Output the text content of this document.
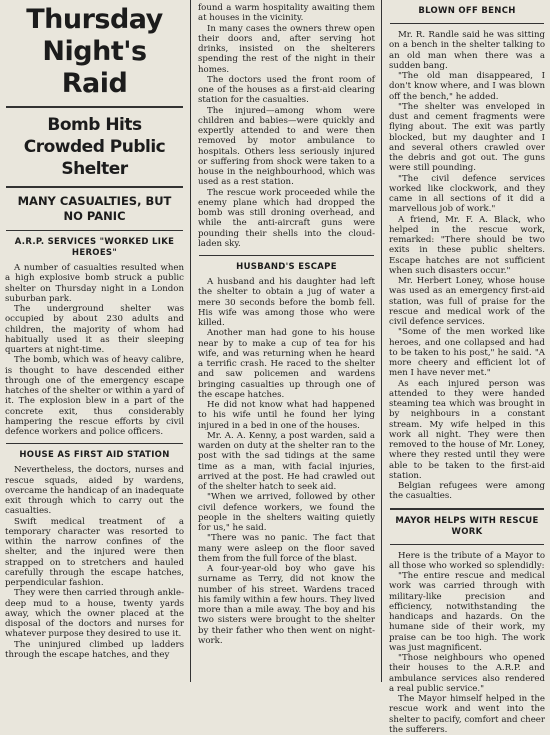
Thursday Night's Raid
Bomb Hits Crowded Public Shelter
MANY CASUALTIES, BUT NO PANIC
A.R.P. SERVICES "WORKED LIKE HEROES"

A number of casualties resulted when a high explosive bomb struck a public shelter on Thursday night in a London suburban park.

The underground shelter was occupied by about 230 adults and children, the majority of whom had habitually used it as their sleeping quarters at night-time.

The bomb, which was of heavy calibre, is thought to have descended either through one of the emergency escape hatches of the shelter or within a yard of it. The explosion blew in a part of the concrete exit, thus considerably hampering the rescue efforts by civil defence workers and police officers.

HOUSE AS FIRST AID STATION

Nevertheless, the doctors, nurses and rescue squads, aided by wardens, overcame the handicap of an inadequate exit through which to carry out the casualties.

Swift medical treatment of a temporary character was resorted to within the narrow confines of the shelter, and the injured were then strapped on to stretchers and hauled carefully through the escape hatches, perpendicular fashion.

They were then carried through ankle-deep mud to a house, twenty yards away, which the owner placed at the disposal of the doctors and nurses for whatever purpose they desired to use it.

The uninjured climbed up ladders through the escape hatches, and they

found a warm hospitality awaiting them at houses in the vicinity.

In many cases the owners threw open their doors and, after serving hot drinks, insisted on the shelterers spending the rest of the night in their homes.

The doctors used the front room of one of the houses as a first-aid clearing station for the casualties.

The injured—among whom were children and babies—were quickly and expertly attended to and were then removed by motor ambulance to hospitals. Others less seriously injured or suffering from shock were taken to a house in the neighbourhood, which was used as a rest station.

The rescue work proceeded while the enemy plane which had dropped the bomb was still droning overhead, and while the anti-aircraft guns were pounding their shells into the cloud-laden sky.

HUSBAND'S ESCAPE

A husband and his daughter had left the shelter to obtain a jug of water a mere 30 seconds before the bomb fell. His wife was among those who were killed.

Another man had gone to his house near by to make a cup of tea for his wife, and was returning when he heard a terrific crash. He raced to the shelter and saw policemen and wardens bringing casualties up through one of the escape hatches.

He did not know what had happened to his wife until he found her lying injured in a bed in one of the houses.

Mr. A. A. Kenny, a post warden, said a warden on duty at the shelter ran to the post with the sad tidings at the same time as a man, with facial injuries, arrived at the post. He had crawled out of the shelter hatch to seek aid.

"When we arrived, followed by other civil defence workers, we found the people in the shelters waiting quietly for us," he said.

"There was no panic. The fact that many were asleep on the floor saved them from the full force of the blast.

A four-year-old boy who gave his surname as Terry, did not know the number of his street. Wardens traced his family within a few hours. They lived more than a mile away. The boy and his two sisters were brought to the shelter by their father who then went on night-work.

BLOWN OFF BENCH

Mr. R. Randle said he was sitting on a bench in the shelter talking to an old man when there was a sudden bang.

"The old man disappeared, I don't know where, and I was blown off the bench," he added.

"The shelter was enveloped in dust and cement fragments were flying about. The exit was partly blocked, but my daughter and I and several others crawled over the debris and got out. The guns were still pounding.

"The civil defence services worked like clockwork, and they came in all sections of it did a marvellous job of work."

A friend, Mr. F. A. Black, who helped in the rescue work, remarked: "There should be two exits in these public shelters. Escape hatches are not sufficient when such disasters occur."

Mr. Herbert Loney, whose house was used as an emergency first-aid station, was full of praise for the rescue and medical work of the civil defence services.

"Some of the men worked like heroes, and one collapsed and had to be taken to his post," he said. "A more cheery and efficient lot of men I have never met."

As each injured person was attended to they were handed steaming tea which was brought in by neighbours in a constant stream. My wife helped in this work all night. They were then removed to the house of Mr. Loney, where they rested until they were able to be taken to the first-aid station.

Belgian refugees were among the casualties.

MAYOR HELPS WITH RESCUE WORK

Here is the tribute of a Mayor to all those who worked so splendidly:

"The entire rescue and medical work was carried through with military-like precision and efficiency, notwithstanding the handicaps and hazards. On the humane side of their work, my praise can be too high. The work was just magnificent.

"Those neighbours who opened their houses to the A.R.P. and ambulance services also rendered a real public service."

The Mayor himself helped in the rescue work and went into the shelter to pacify, comfort and cheer the sufferers.
